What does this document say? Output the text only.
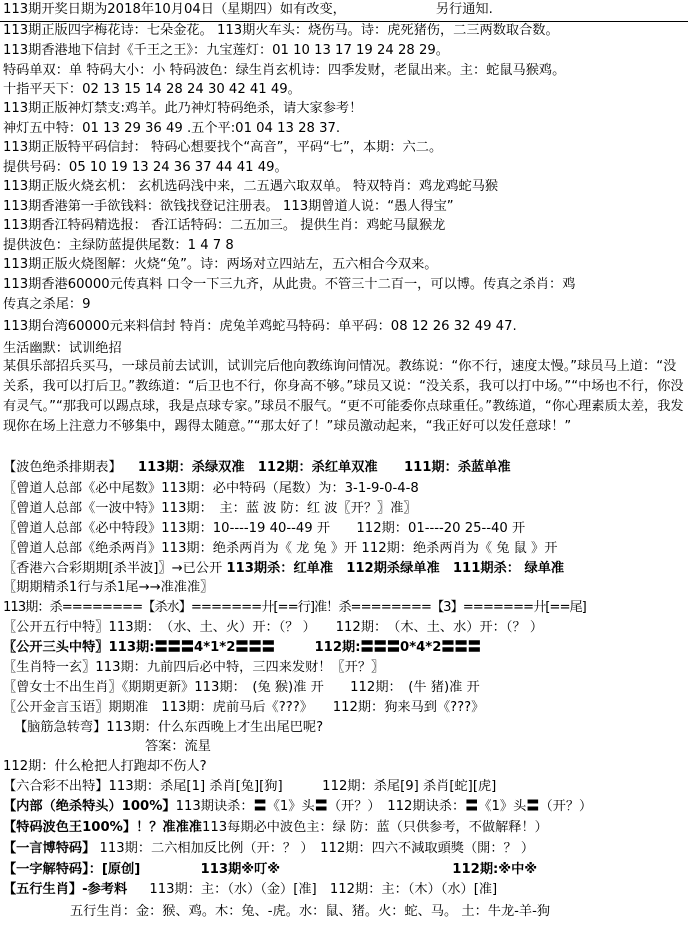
113期开奖日期为2018年10月04日（星期四）如有改变，	另行通知.
113期正版四字梅花诗：七朵金花。 113期火车头：烧伤马。诗：虎死猪伤，二三两数取合数。
113期香港地下信封《千王之王》：九宝莲灯：01 10 13 17 19 24 28 29。
特码单双：单 特码大小：小 特码波色：绿生肖玄机诗：四季发财，老鼠出来。主：蛇鼠马猴鸡。
十指平天下：02 13 15 14 28 24 30 42 41 49。
113期正版神灯禁支:鸡羊。此乃神灯特码绝杀，请大家参考！
神灯五中特：01 13 29 36 49 .五个平:01 04 13 28 37.
113期正版特平码信封： 特码心想要找个“高音”，平码“七”，本期：六二。
提供号码：05 10 19 13 24 36 37 44 41 49。
113期正版火烧玄机： 玄机选码浅中来，二五遇六取双单。 特双特肖：鸡龙鸡蛇马猴
113期香港第一手欲钱料：欲钱找登记注册表。 113期曾道人说：“愚人得宝”
113期香江特码精选报： 香江话特码：二五加三。 提供生肖：鸡蛇马鼠猴龙
提供波色：主绿防蓝提供尾数：1 4 7 8
113期正版火烧图解：火烧“兔”。诗：两场对立四站左，五六相合今双来。
113期香港60000元传真料 口令一下三九齐，从此贵。不管三十二百一，可以博。传真之杀肖：鸡
传真之杀尾：9
113期台湾60000元来料信封 特肖：虎兔羊鸡蛇马特码：单平码：08 12 26 32 49 47.
生活幽默：试训绝招
某俱乐部招兵买马，一球员前去试训，试训完后他向教练询问情况。教练说：“你不行，速度太慢。”球员马上道：“没关系，我可以打后卫。”教练道：“后卫也不行，你身高不够。”球员又说：“没关系，我可以打中场。”“中场也不行，你没有灵气。”“那我可以踢点球，我是点球专家。”球员不服气。“更不可能委你点球重任。”教练道，“你心理素质太差，我发现你在场上注意力不够集中，踢得太随意。”“那太好了！”球员激动起来，“我正好可以发任意球！”
【波色绝杀排期表】 113期：杀绿双准　112期：杀红单双准　　111期：杀蓝单准
〖曾道人总部《必中尾数》113期：必中特码（尾数）为：3-1-9-0-4-8
〖曾道人总部《一波中特》113期：　主：蓝 波 防：红 波〖开？〗准〗
〖曾道人总部《必中特段》113期：10----19 40--49 开　　112期：01----20 25--40 开
〖曾道人总部《绝杀两肖》113期：绝杀两肖为《 龙 兔 》开 112期：绝杀两肖为《 兔 鼠 》开
〖香港六合彩期期[杀半波]〗→已公开 113期杀：红单准　112期杀绿单准　111期杀： 绿单准
〖期期精杀1行与杀1尾→→准准准〗
113期：杀========【杀水】=======廾[==行]准！杀========【3】=======廾[==尾]
〖公开五行中特〗113期：　（水、土、火）开：（？ ）　　112期：　（木、土、水）开：（？ ）
〖公开三头中特〗113期:〓〓〓4*1*2〓〓〓　　　112期:〓〓〓0*4*2〓〓〓
〖生肖特一玄〗113期：九前四后必中特，三四来发财！〖开？〗
〖曾女士不出生肖〗《期期更新》113期：　(兔 猴)准 开　　112期：　(牛 猪)准 开
〖公开金言玉语〗期期准　113期：虎前马后《???》　　112期：狗来马到《???》
【脑筋急转弯】113期：什么东西晚上才生出尾巴呢?
答案：流星
112期：什么枪把人打跑却不伤人?
【六合彩不出特】113期：杀尾[1] 杀肖[兔][狗]　　　112期：杀尾[9] 杀肖[蛇][虎]
【内部（绝杀特头）100%】113期诀杀：〓《1》头〓（开？）　112期诀杀：〓《1》头〓（开？）
【特码波色王100%】！？准准准113每期必中波色主：绿 防：蓝（只供参考，不做解释！）
【一言博特码】 113期：二六相加反比例（开：？ ）　112期：四六不減取頭獎（開：？ ）
【一字解特码】：[原创]	113期※叮※	112期:※中※
【五行生肖】-参考料 113期：主：（水）（金）[准]　112期：主：（木）（水）[准]
五行生肖：金：猴、鸡。木：兔、-虎。水：鼠、猪。火：蛇、马。 土：牛龙-羊-狗
